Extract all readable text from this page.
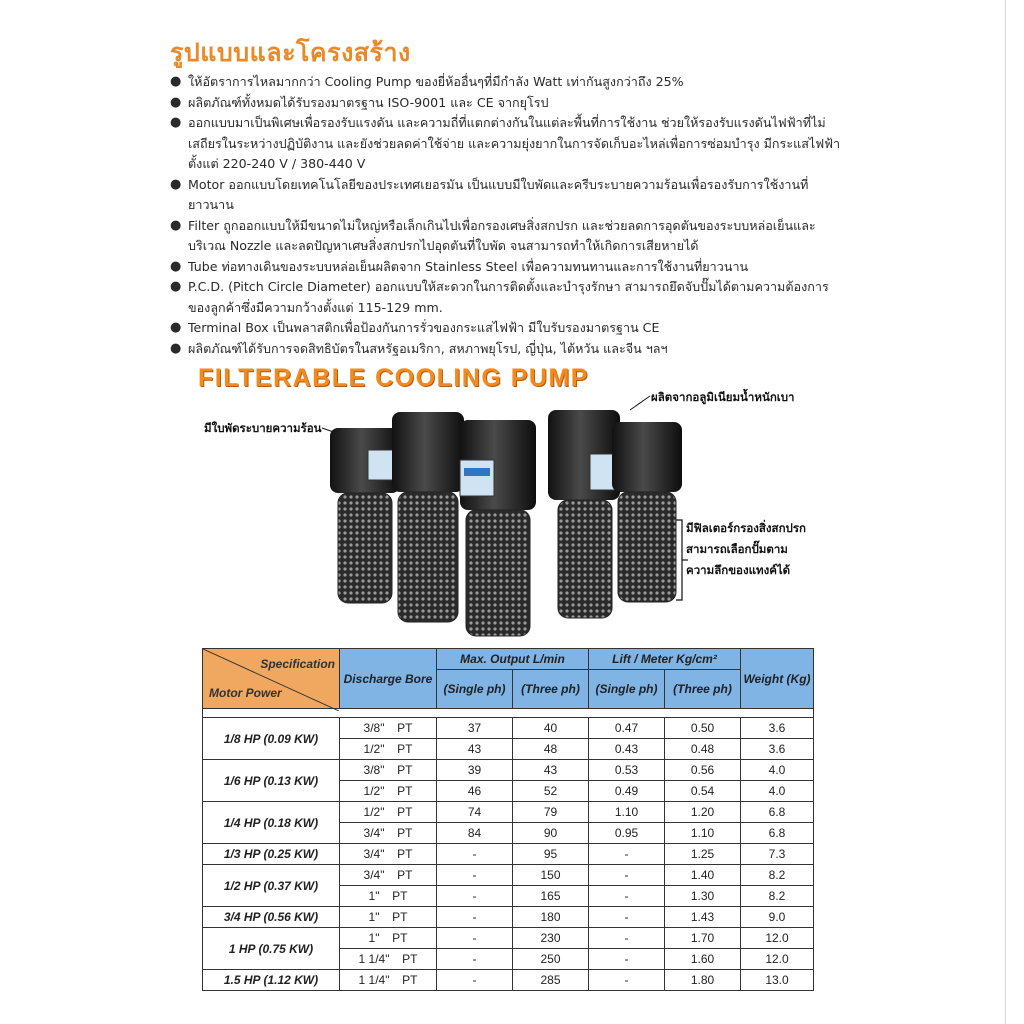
รูปแบบและโครงสร้าง
● ให้อัตราการไหลมากกว่า Cooling Pump ของยี่ห้ออื่นๆที่มีกำลัง Watt เท่ากันสูงกว่าถึง 25%
● ผลิตภัณฑ์ทั้งหมดได้รับรองมาตรฐาน ISO-9001 และ CE จากยุโรป
● ออกแบบมาเป็นพิเศษเพื่อรองรับแรงดัน และความถี่ที่แตกต่างกันในแต่ละพื้นที่การใช้งาน ช่วยให้รองรับแรงดันไฟฟ้าที่ไม่เสถียรในระหว่างปฏิบัติงาน และยังช่วยลดค่าใช้จ่าย และความยุ่งยากในการจัดเก็บอะไหล่เพื่อการซ่อมบำรุง มีกระแสไฟฟ้าตั้งแต่ 220-240 V / 380-440 V
● Motor ออกแบบโดยเทคโนโลยีของประเทศเยอรมัน เป็นแบบมีใบพัดและครีบระบายความร้อนเพื่อรองรับการใช้งานที่ยาวนาน
● Filter ถูกออกแบบให้มีขนาดไม่ใหญ่หรือเล็กเกินไปเพื่อกรองเศษสิ่งสกปรก และช่วยลดการอุดตันของระบบหล่อเย็นและบริเวณ Nozzle และลดปัญหาเศษสิ่งสกปรกไปอุดตันที่ใบพัด จนสามารถทำให้เกิดการเสียหายได้
● Tube ท่อทางเดินของระบบหล่อเย็นผลิตจาก Stainless Steel เพื่อความทนทานและการใช้งานที่ยาวนาน
● P.C.D. (Pitch Circle Diameter) ออกแบบให้สะดวกในการติดตั้งและบำรุงรักษา สามารถยึดจับปั๊มได้ตามความต้องการของลูกค้าซึ่งมีความกว้างตั้งแต่ 115-129 mm.
● Terminal Box เป็นพลาสติกเพื่อป้องกันการรั่วของกระแสไฟฟ้า มีใบรับรองมาตรฐาน CE
● ผลิตภัณฑ์ได้รับการจดสิทธิบัตรในสหรัฐอเมริกา, สหภาพยุโรป, ญี่ปุ่น, ไต้หวัน และจีน ฯลฯ
FILTERABLE COOLING PUMP
มีใบพัดระบายความร้อน
ผลิตจากอลูมิเนียมน้ำหนักเบา
มีฟิลเตอร์กรองสิ่งสกปรก
สามารถเลือกปั๊มตาม
ความลึกของแทงค์ได้
Specification
Motor Power	Discharge Bore	Max. Output L/min		Lift / Meter Kg/cm²		Weight (Kg)
		(Single ph)	(Three ph)	(Single ph)	(Three ph)	

1/8 HP (0.09 KW)	3/8" PT	37	40	0.47	0.50	3.6
	1/2" PT	43	48	0.43	0.48	3.6
1/6 HP (0.13 KW)	3/8" PT	39	43	0.53	0.56	4.0
	1/2" PT	46	52	0.49	0.54	4.0
1/4 HP (0.18 KW)	1/2" PT	74	79	1.10	1.20	6.8
	3/4" PT	84	90	0.95	1.10	6.8
1/3 HP (0.25 KW)	3/4" PT	-	95	-	1.25	7.3
1/2 HP (0.37 KW)	3/4" PT	-	150	-	1.40	8.2
	1" PT	-	165	-	1.30	8.2
3/4 HP (0.56 KW)	1" PT	-	180	-	1.43	9.0
1 HP (0.75 KW)	1" PT	-	230	-	1.70	12.0
	1 1/4" PT	-	250	-	1.60	12.0
1.5 HP (1.12 KW)	1 1/4" PT	-	285	-	1.80	13.0
